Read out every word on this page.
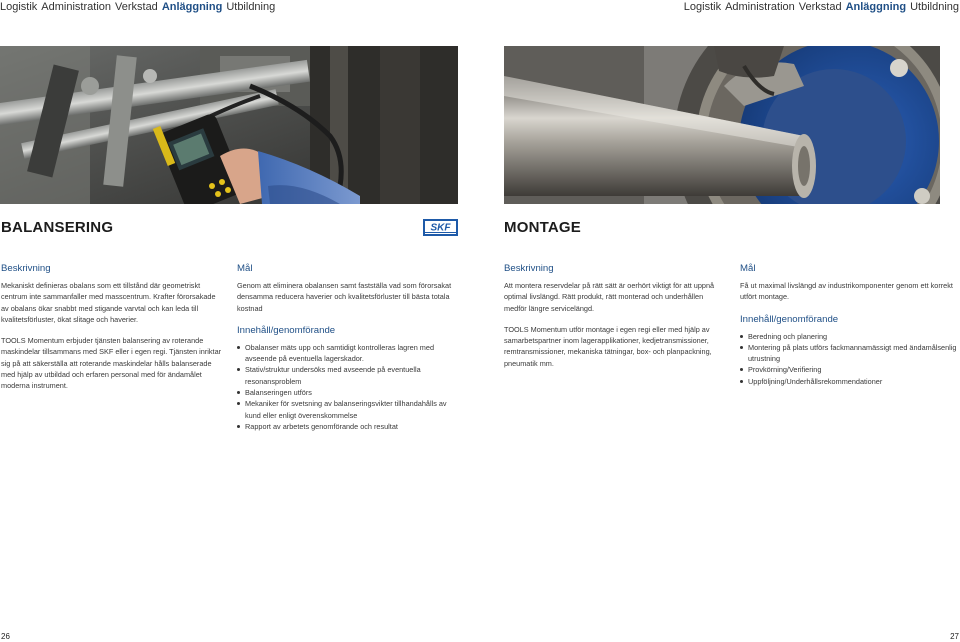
Logistik Administration Verkstad Anläggning Utbildning
BALANSERING	SKF
Beskrivning

Mekaniskt definieras obalans som ett tillstånd där geometriskt centrum inte sammanfaller med masscentrum. Krafter förorsakade av obalans ökar snabbt med stigande varvtal och kan leda till kvalitetsförluster, ökat slitage och haverier.

TOOLS Momentum erbjuder tjänsten balansering av roterande maskindelar tillsammans med SKF eller i egen regi. Tjänsten inriktar sig på att säkerställa att roterande maskindelar hålls balanserade med hjälp av utbildad och erfaren personal med för ändamålet moderna instrument.

Mål

Genom att eliminera obalansen samt fastställa vad som förorsakat densamma reducera haverier och kvalitetsförluster till bästa totala kostnad

Innehåll/genomförande
Obalanser mäts upp och samtidigt kontrolleras lagren med avseende på eventuella lagerskador.
Stativ/struktur undersöks med avseende på eventuella resonansproblem
Balanseringen utförs
Mekaniker för svetsning av balanseringsvikter tillhandahålls av kund eller enligt överenskommelse
Rapport av arbetets genomförande och resultat
26
Logistik Administration Verkstad Anläggning Utbildning
MONTAGE
Beskrivning

Att montera reservdelar på rätt sätt är oerhört viktigt för att uppnå optimal livslängd. Rätt produkt, rätt monterad och underhållen medför längre servicelängd.

TOOLS Momentum utför montage i egen regi eller med hjälp av samarbetspartner inom lagerapplikationer, kedjetransmissioner, remtransmissioner, mekaniska tätningar, box- och planpackning, pneumatik mm.

Mål

Få ut maximal livslängd av industrikomponenter genom ett korrekt utfört montage.

Innehåll/genomförande
Beredning och planering
Montering på plats utförs fackmannamässigt med ändamålsenlig utrustning
Provkörning/Verifiering
Uppföljning/Underhållsrekommendationer
27
